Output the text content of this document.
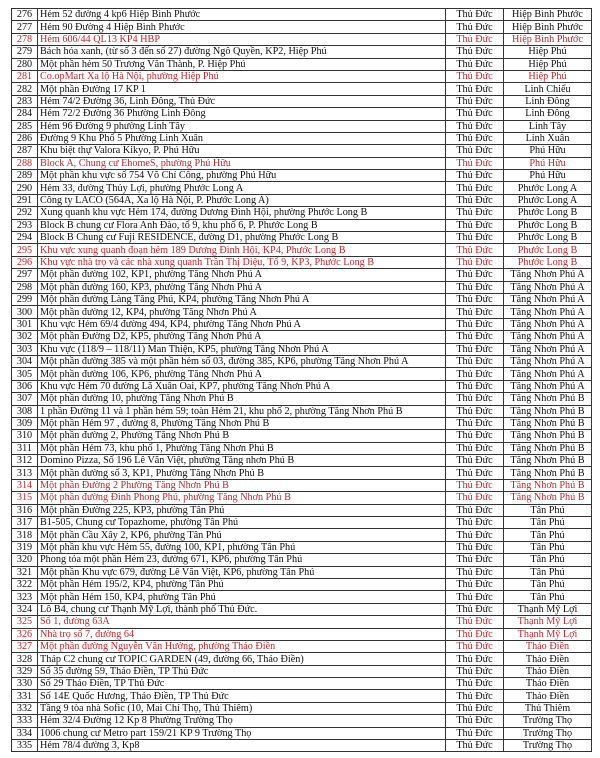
276	Hẻm 52 đường 4 kp6 Hiệp Bình Phước	Thủ Đức	Hiệp Bình Phước
277	Hẻm 90 Đường 4 Hiệp Bình Phước	Thủ Đức	Hiệp Bình Phước
278	Hẻm 606/44 QL13 KP4 HBP	Thủ Đức	Hiệp Bình Phước
279	Bách hóa xanh, (từ số 3 đến số 27) đường Ngô Quyền, KP2, Hiệp Phú	Thủ Đức	Hiệp Phú
280	Một phần hẻm 50 Trương Văn Thành, P. Hiệp Phú	Thủ Đức	Hiệp Phú
281	Co.opMart Xa lộ Hà Nội, phường Hiệp Phú	Thủ Đức	Hiệp Phú
282	Một phần Đường 17 KP 1	Thủ Đức	Linh Chiểu
283	Hẻm 74/2 Đường 36, Linh Đông, Thủ Đức	Thủ Đức	Linh Đông
284	Hẻm 72/2 Đường 36 Phường Linh Đông	Thủ Đức	Linh Đông
285	Hẻm 96 Đường 9 phường Linh Tây	Thủ Đức	Linh Tây
286	Đường 9 Khu Phố 5 Phường Linh Xuân	Thủ Đức	Linh Xuân
287	Khu biệt thự Valora Kikyo, P. Phú Hữu	Thủ Đức	Phú Hữu
288	Block A, Chung cư EhomeS, phường Phú Hữu	Thủ Đức	Phú Hữu
289	Một phần khu vực số 754 Võ Chí Công, phường Phú Hữu	Thủ Đức	Phú Hữu
290	Hẻm 33, đường Thủy Lợi, phường Phước Long A	Thủ Đức	Phước Long A
291	Công ty LACO (564A, Xa lộ Hà Nội, P. Phước Long A)	Thủ Đức	Phước Long A
292	Xung quanh khu vực Hẻm 174, đường Dương Đình Hội, phường Phước Long B	Thủ Đức	Phước Long B
293	Block B chung cư Flora Anh Đào, tổ 9, khu phố 6, P. Phước Long B	Thủ Đức	Phước Long B
294	Block B Chung cư Fuji RESIDENCE, đường D1, phường Phước Long B	Thủ Đức	Phước Long B
295	Khu vực xung quanh đoạn hẻm 189 Dương Đình Hội, KP4, Phước Long B	Thủ Đức	Phước Long B
296	Khu vực nhà trọ và các nhà xung quanh Trần Thị Diệu, Tổ 9, KP3, Phước Long B	Thủ Đức	Phước Long B
297	Một phần đường 102, KP1, phường Tăng Nhơn Phú A	Thủ Đức	Tăng Nhơn Phú A
298	Một phần đường 160, KP3, phường Tăng Nhơn Phú A	Thủ Đức	Tăng Nhơn Phú A
299	Một phần đường Làng Tăng Phú, KP4, phường Tăng Nhơn Phú A	Thủ Đức	Tăng Nhơn Phú A
300	Một phần đường 12, KP4, phường Tăng Nhơn Phú A	Thủ Đức	Tăng Nhơn Phú A
301	Khu vực Hẻm 69/4 đường 494, KP4, phường Tăng Nhơn Phú A	Thủ Đức	Tăng Nhơn Phú A
302	Một phần Đường D2, KP5, phường Tăng Nhơn Phú A	Thủ Đức	Tăng Nhơn Phú A
303	Khu vực (118/9 – 118/11) Man Thiện, KP5, phường Tăng Nhơn Phú A	Thủ Đức	Tăng Nhơn Phú A
304	Một phần đường 385 và một phần hẻm số 03, đường 385, KP6, phường Tăng Nhơn Phú A	Thủ Đức	Tăng Nhơn Phú A
305	Một phần đường 106, KP6, phường Tăng Nhơn Phú A	Thủ Đức	Tăng Nhơn Phú A
306	Khu vực Hẻm 70 đường Lã Xuân Oai, KP7, phường Tăng Nhơn Phú A	Thủ Đức	Tăng Nhơn Phú A
307	Một phần đường 10, phường Tăng Nhơn Phú B	Thủ Đức	Tăng Nhơn Phú B
308	1 phần Đường 11 và 1 phần hẻm 59; toàn Hẻm 21, khu phố 2, phường Tăng Nhơn Phú B	Thủ Đức	Tăng Nhơn Phú B
309	Một phần Hẻm 97 , đường 8, Phường Tăng Nhơn Phú B	Thủ Đức	Tăng Nhơn Phú B
310	Một phần đường 2, Phường Tăng Nhơn Phú B	Thủ Đức	Tăng Nhơn Phú B
311	Một phần Hẻm 73, khu phố 1, Phường Tăng Nhơn Phú B	Thủ Đức	Tăng Nhơn Phú B
312	Domino Pizza, Số 196 Lê Văn Việt, phường Tăng nhơn Phú B	Thủ Đức	Tăng Nhơn Phú B
313	Một phần đường số 3, KP1, Phường Tăng Nhơn Phú B	Thủ Đức	Tăng Nhơn Phú B
314	Một phần Đường 2 Phường Tăng Nhơn Phú B	Thủ Đức	Tăng Nhơn Phú B
315	Một phần đường Đình Phong Phú, phường Tăng Nhơn Phú B	Thủ Đức	Tăng Nhơn Phú B
316	Một phần Đường 225, KP3, phường Tân Phú	Thủ Đức	Tân Phú
317	B1-505, Chung cư Topazhome, phường Tân Phú	Thủ Đức	Tân Phú
318	Một phần Cầu Xây 2, KP6, phường Tân Phú	Thủ Đức	Tân Phú
319	Một phần khu vực Hẻm 55, đường 100, KP1, phường Tân Phú	Thủ Đức	Tân Phú
320	Phong tỏa một phần Hẻm 23, đường 671, KP6, phường Tân Phú	Thủ Đức	Tân Phú
321	Một phần Khu vực 679, đường Lê Văn Việt, KP6, phường Tân Phú	Thủ Đức	Tân Phú
322	Một phần Hẻm 195/2, KP4, phường Tân Phú	Thủ Đức	Tân Phú
323	Một phần Hẻm 150, KP4, phường Tân Phú	Thủ Đức	Tân Phú
324	Lô B4, chung cư Thạnh Mỹ Lợi, thành phố Thủ Đức.	Thủ Đức	Thạnh Mỹ Lợi
325	Số 1, đường 63A	Thủ Đức	Thạnh Mỹ Lợi
326	Nhà trọ số 7, đường 64	Thủ Đức	Thạnh Mỹ Lợi
327	Một phần đường Nguyễn Văn Hưởng, phường Thảo Điền	Thủ Đức	Thảo Điền
328	Tháp C2 chung cư TOPIC GARDEN (49, đường 66, Thảo Điền)	Thủ Đức	Thảo Điền
329	Số 35 đường 59, Thảo Điền, TP Thủ Đức	Thủ Đức	Thảo Điền
330	Số 29 Thảo Điền, TP Thủ Đức	Thủ Đức	Thảo Điền
331	Số 14E Quốc Hương, Thảo Điền, TP Thủ Đức	Thủ Đức	Thảo Điền
332	Tầng 9 tòa nhà Sofic (10, Mai Chí Thọ, Thủ Thiêm)	Thủ Đức	Thủ Thiêm
333	Hẻm 32/4 Đường 12 Kp 8 Phường Trường Thọ	Thủ Đức	Trường Thọ
334	1006 chung cư Metro part 159/21 KP 9 Trường Thọ	Thủ Đức	Trường Thọ
335	Hẻm 78/4 đường 3, Kp8	Thủ Đức	Trường Thọ
